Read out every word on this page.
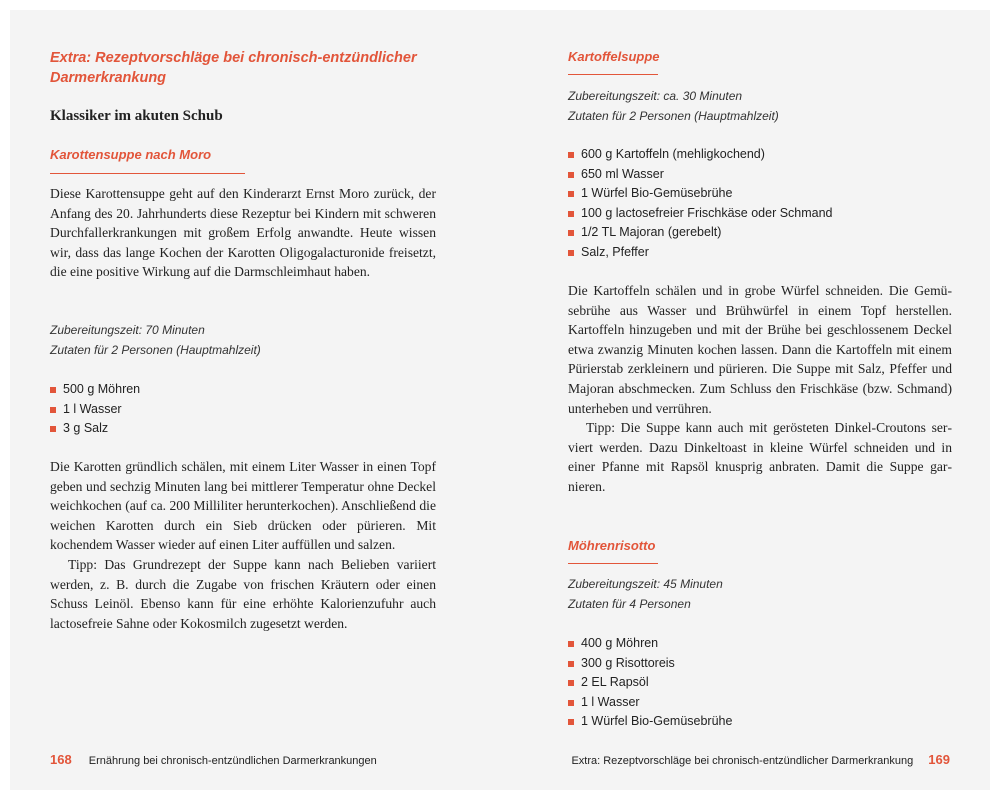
Extra: Rezeptvorschläge bei chronisch-entzündlicher Darmerkrankung
Klassiker im akuten Schub
Karottensuppe nach Moro

Diese Karottensuppe geht auf den Kinderarzt Ernst Moro zurück, der Anfang des 20. Jahrhunderts diese Rezeptur bei Kindern mit schweren Durchfallerkrankungen mit großem Erfolg anwandte. Heute wissen wir, dass das lange Kochen der Karotten Oligogalacturonide freisetzt, die eine positive Wirkung auf die Darmschleimhaut haben.

Zubereitungszeit: 70 Minuten
Zutaten für 2 Personen (Hauptmahlzeit)
500 g Möhren
1 l Wasser
3 g Salz

Die Karotten gründlich schälen, mit einem Liter Wasser in einen Topf geben und sechzig Minuten lang bei mittlerer Temperatur ohne Deckel weichkochen (auf ca. 200 Milliliter herunterkochen). Anschließend die weichen Karotten durch ein Sieb drücken oder pürieren. Mit kochendem Wasser wieder auf einen Liter auffüllen und salzen.

Tipp: Das Grundrezept der Suppe kann nach Belieben variiert werden, z. B. durch die Zugabe von frischen Kräutern oder einen Schuss Leinöl. Ebenso kann für eine erhöhte Kalorienzufuhr auch lactosefreie Sahne oder Kokosmilch zugesetzt werden.

168 Ernährung bei chronisch-entzündlichen Darmerkrankungen
Kartoffelsuppe
Zubereitungszeit: ca. 30 Minuten
Zutaten für 2 Personen (Hauptmahlzeit)
600 g Kartoffeln (mehligkochend)
650 ml Wasser
1 Würfel Bio-Gemüsebrühe
100 g lactosefreier Frischkäse oder Schmand
1/2 TL Majoran (gerebelt)
Salz, Pfeffer

Die Kartoffeln schälen und in grobe Würfel schneiden. Die Gemüsebrühe aus Wasser und Brühwürfel in einem Topf herstellen. Kartoffeln hinzugeben und mit der Brühe bei geschlossenem Deckel etwa zwanzig Minuten kochen lassen. Dann die Kartoffeln mit einem Pürierstab zerkleinern und pürieren. Die Suppe mit Salz, Pfeffer und Majoran abschmecken. Zum Schluss den Frischkäse (bzw. Schmand) unterheben und verrühren.

Tipp: Die Suppe kann auch mit gerösteten Dinkel-Croutons serviert werden. Dazu Dinkeltoast in kleine Würfel schneiden und in einer Pfanne mit Rapsöl knusprig anbraten. Damit die Suppe garnieren.

Möhrenrisotto
Zubereitungszeit: 45 Minuten
Zutaten für 4 Personen
400 g Möhren
300 g Risottoreis
2 EL Rapsöl
1 l Wasser
1 Würfel Bio-Gemüsebrühe
Extra: Rezeptvorschläge bei chronisch-entzündlicher Darmerkrankung 169
